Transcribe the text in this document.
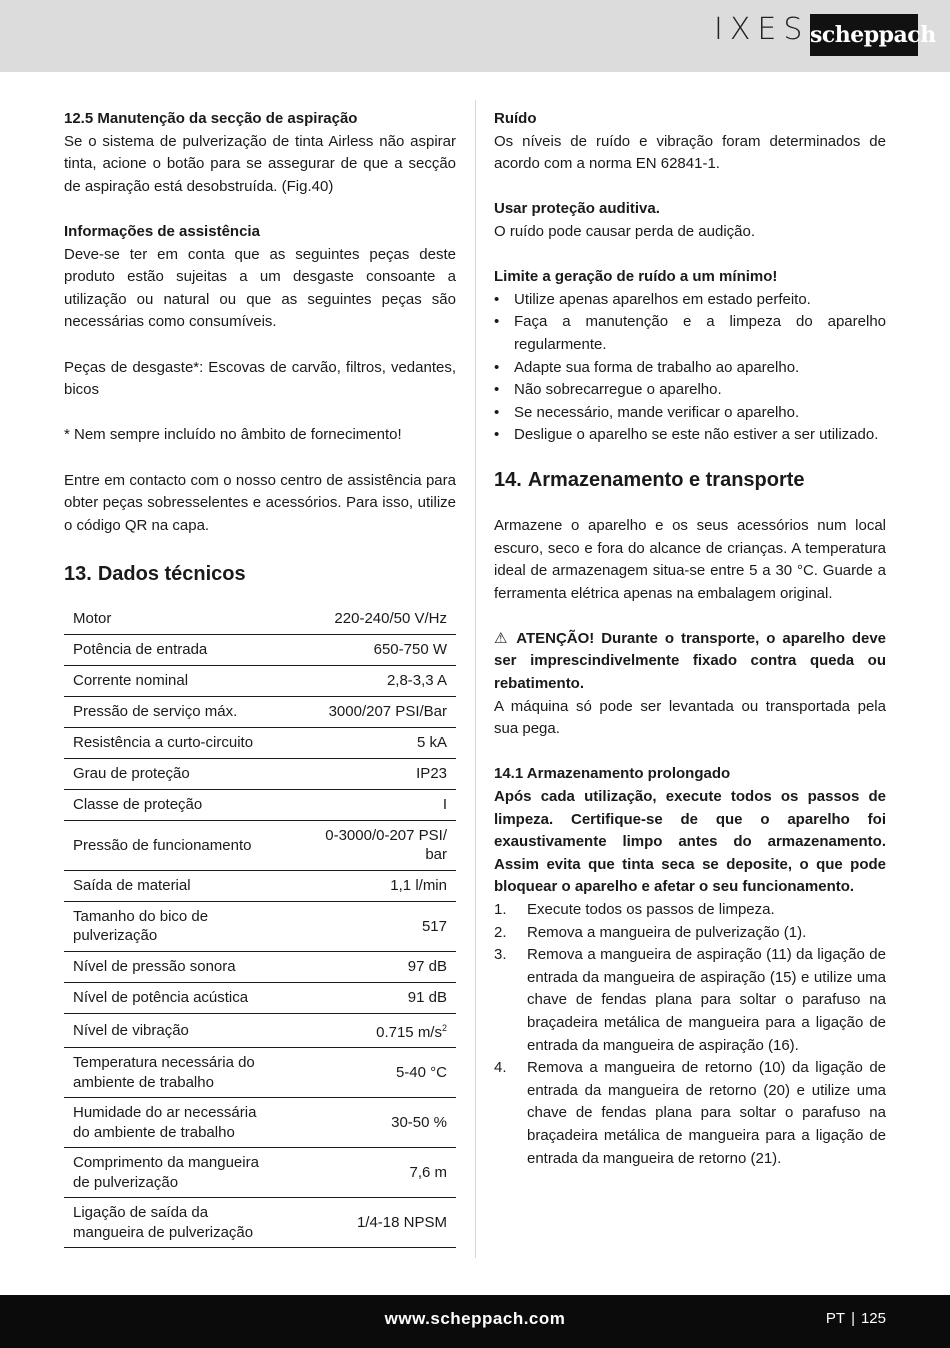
IXES scheppach

12.5 Manutenção da secção de aspiração

Se o sistema de pulverização de tinta Airless não aspirar tinta, acione o botão para se assegurar de que a secção de aspiração está desobstruída. (Fig.40)

Informações de assistência

Deve-se ter em conta que as seguintes peças deste produto estão sujeitas a um desgaste consoante a utilização ou natural ou que as seguintes peças são necessárias como consumíveis.

Peças de desgaste*: Escovas de carvão, filtros, vedantes, bicos

* Nem sempre incluído no âmbito de fornecimento!

Entre em contacto com o nosso centro de assistência para obter peças sobresselentes e acessórios. Para isso, utilize o código QR na capa.

13. Dados técnicos
Motor	220-240/50 V/Hz
Potência de entrada	650-750 W
Corrente nominal	2,8-3,3 A
Pressão de serviço máx.	3000/207 PSI/Bar
Resistência a curto-circuito	5 kA
Grau de proteção	IP23
Classe de proteção	I
Pressão de funcionamento	0-3000/0-207 PSI/ bar
Saída de material	1,1 l/min
Tamanho do bico de pulverização	517
Nível de pressão sonora	97 dB
Nível de potência acústica	91 dB
Nível de vibração	0.715 $m/s^2$
Temperatura necessária do ambiente de trabalho	5-40 °C
Humidade do ar necessária do ambiente de trabalho	30-50 %
Comprimento da mangueira de pulverização	7,6 m
Ligação de saída da mangueira de pulverização	1/4-18 NPSM

Ruído

Os níveis de ruído e vibração foram determinados de acordo com a norma EN 62841-1.

Usar proteção auditiva.

O ruído pode causar perda de audição.

Limite a geração de ruído a um mínimo!

• Utilize apenas aparelhos em estado perfeito.
• Faça a manutenção e a limpeza do aparelho regularmente.
• Adapte sua forma de trabalho ao aparelho.
• Não sobrecarregue o aparelho.
• Se necessário, mande verificar o aparelho.
• Desligue o aparelho se este não estiver a ser utilizado.
14. Armazenamento e transporte

Armazene o aparelho e os seus acessórios num local escuro, seco e fora do alcance de crianças. A temperatura ideal de armazenagem situa-se entre 5 a 30 °C. Guarde a ferramenta elétrica apenas na embalagem original.

⚠ ATENÇÃO! Durante o transporte, o aparelho deve ser imprescindivelmente fixado contra queda ou rebatimento.

A máquina só pode ser levantada ou transportada pela sua pega.

14.1 Armazenamento prolongado

Após cada utilização, execute todos os passos de limpeza. Certifique-se de que o aparelho foi exaustivamente limpo antes do armazenamento. Assim evita que tinta seca se deposite, o que pode bloquear o aparelho e afetar o seu funcionamento.

1. Execute todos os passos de limpeza.
2. Remova a mangueira de pulverização (1).
3. Remova a mangueira de aspiração (11) da ligação de entrada da mangueira de aspiração (15) e utilize uma chave de fendas plana para soltar o parafuso na braçadeira metálica de mangueira para a ligação de entrada da mangueira de aspiração (16).
4. Remova a mangueira de retorno (10) da ligação de entrada da mangueira de retorno (20) e utilize uma chave de fendas plana para soltar o parafuso na braçadeira metálica de mangueira para a ligação de entrada da mangueira de retorno (21).
www.scheppach.com	PT | 125
